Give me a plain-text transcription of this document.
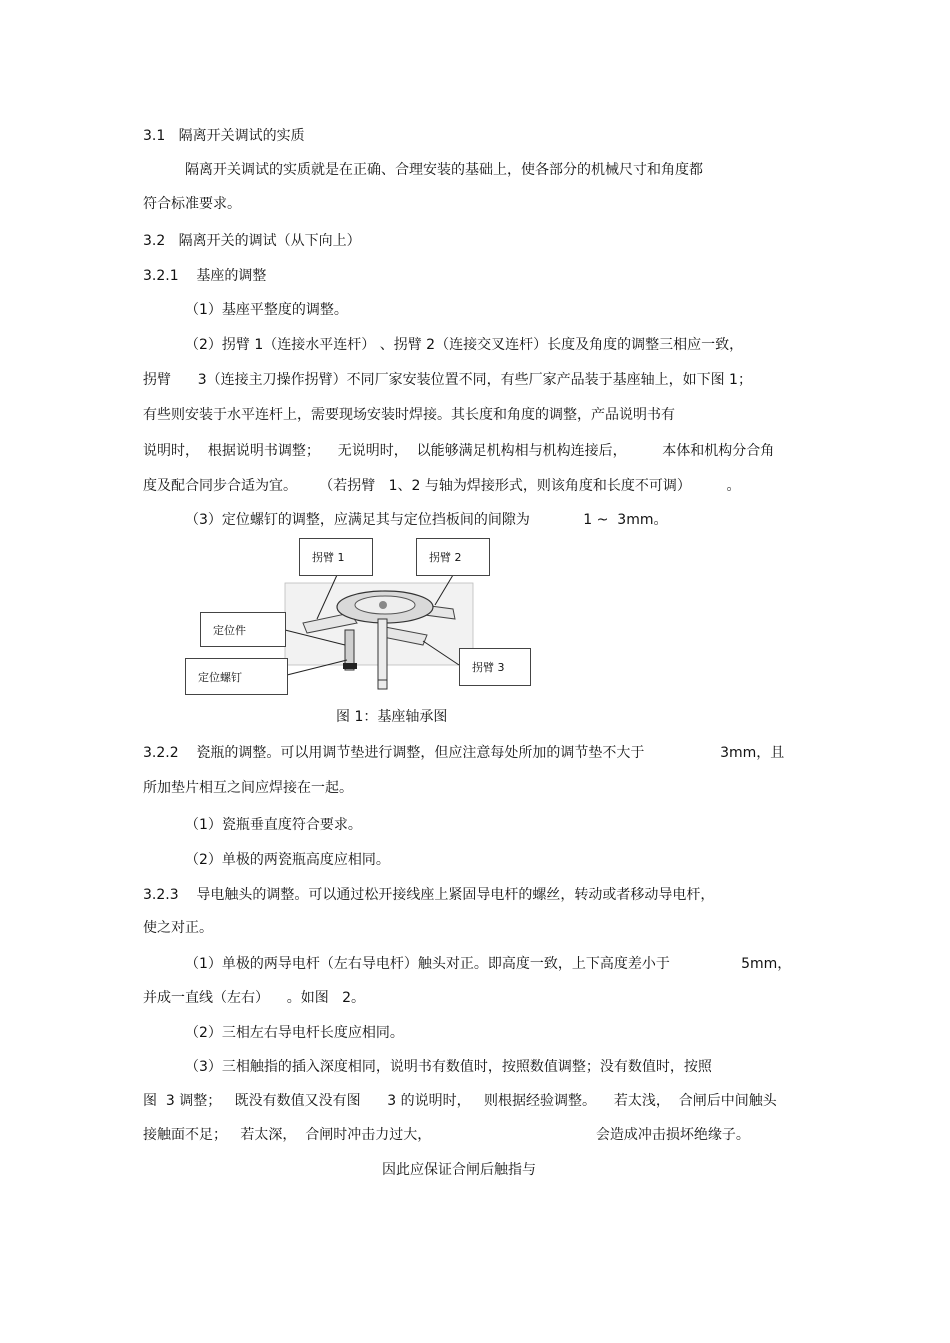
3.1   隔离开关调试的实质
隔离开关调试的实质就是在正确、合理安装的基础上，使各部分的机械尺寸和角度都
符合标准要求。
3.2   隔离开关的调试（从下向上）
3.2.1    基座的调整
（1）基座平整度的调整。
（2）拐臂 1（连接水平连杆） 、拐臂 2（连接交叉连杆）长度及角度的调整三相应一致，
拐臂      3（连接主刀操作拐臂）不同厂家安装位置不同，有些厂家产品装于基座轴上，如下图 1；
有些则安装于水平连杆上，需要现场安装时焊接。其长度和角度的调整，产品说明书有
说明时，  根据说明书调整；    无说明时，  以能够满足机构相与机构连接后，        本体和机构分合角
度及配合同步合适为宜。     （若拐臂   1、2 与轴为焊接形式，则该角度和长度不可调）        。
（3）定位螺钉的调整，应满足其与定位挡板间的间隙为            1 ~  3mm。
拐臂 1	拐臂 2
定位件
定位螺钉
拐臂 3
图 1：基座轴承图
3.2.2    瓷瓶的调整。可以用调节垫进行调整，但应注意每处所加的调节垫不大于                 3mm，且
所加垫片相互之间应焊接在一起。
（1）瓷瓶垂直度符合要求。
（2）单极的两瓷瓶高度应相同。
3.2.3    导电触头的调整。可以通过松开接线座上紧固导电杆的螺丝，转动或者移动导电杆，
使之对正。
（1）单极的两导电杆（左右导电杆）触头对正。即高度一致，上下高度差小于                5mm，
并成一直线（左右）    。如图   2。
（2）三相左右导电杆长度应相同。
（3）三相触指的插入深度相同，说明书有数值时，按照数值调整；没有数值时，按照
图  3 调整；   既没有数值又没有图      3 的说明时，   则根据经验调整。    若太浅，  合闸后中间触头
接触面不足；   若太深，  合闸时冲击力过大，                                     会造成冲击损坏绝缘子。
因此应保证合闸后触指与
